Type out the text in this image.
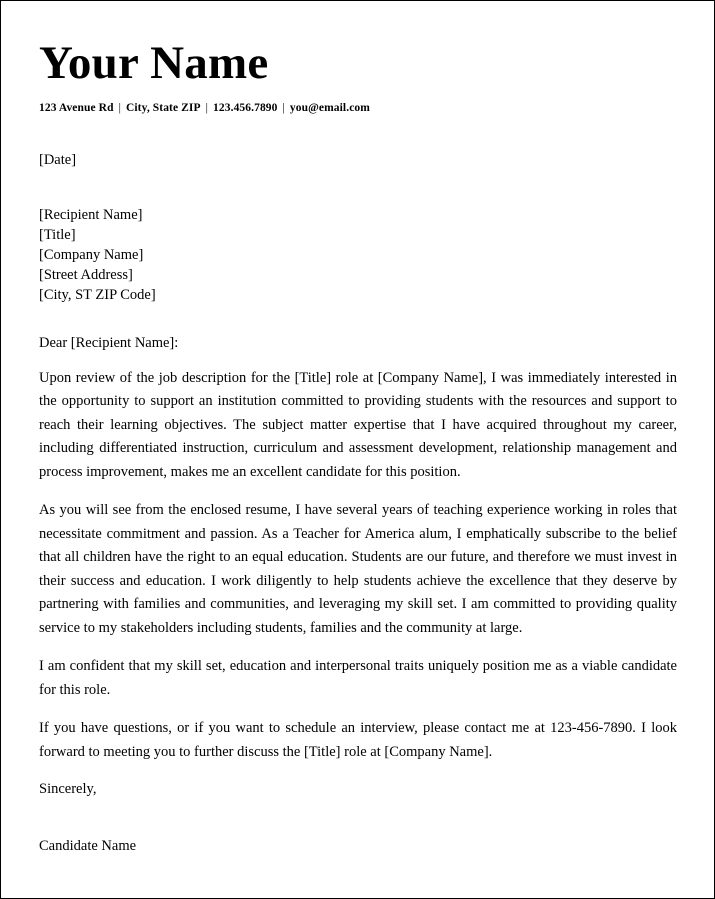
Your Name
123 Avenue Rd | City, State ZIP | 123.456.7890 | you@email.com
[Date]
[Recipient Name]
[Title]
[Company Name]
[Street Address]
[City, ST ZIP Code]
Dear [Recipient Name]:
Upon review of the job description for the [Title] role at [Company Name], I was immediately interested in the opportunity to support an institution committed to providing students with the resources and support to reach their learning objectives. The subject matter expertise that I have acquired throughout my career, including differentiated instruction, curriculum and assessment development, relationship management and process improvement, makes me an excellent candidate for this position.
As you will see from the enclosed resume, I have several years of teaching experience working in roles that necessitate commitment and passion. As a Teacher for America alum, I emphatically subscribe to the belief that all children have the right to an equal education. Students are our future, and therefore we must invest in their success and education. I work diligently to help students achieve the excellence that they deserve by partnering with families and communities, and leveraging my skill set. I am committed to providing quality service to my stakeholders including students, families and the community at large.
I am confident that my skill set, education and interpersonal traits uniquely position me as a viable candidate for this role.
If you have questions, or if you want to schedule an interview, please contact me at 123-456-7890. I look forward to meeting you to further discuss the [Title] role at [Company Name].
Sincerely,
Candidate Name
